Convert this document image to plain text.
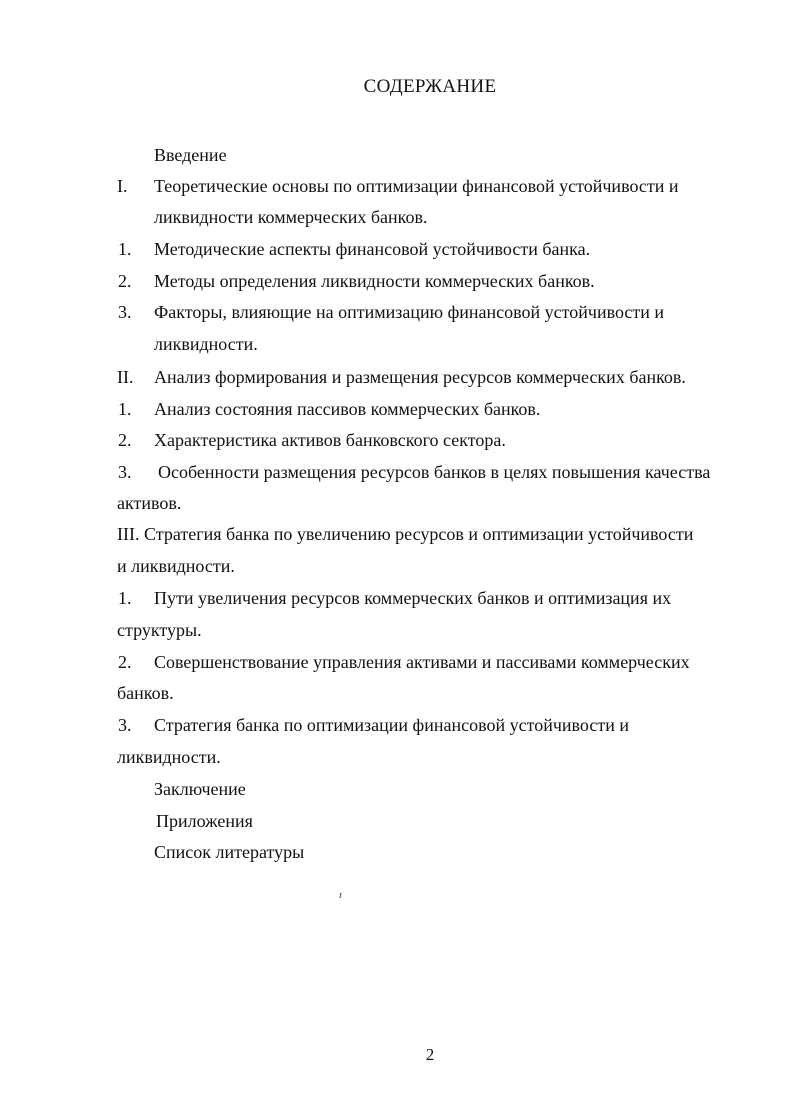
СОДЕРЖАНИЕ
Введение
I. Теоретические основы по оптимизации финансовой устойчивости и
ликвидности коммерческих банков.
1. Методические аспекты финансовой устойчивости банка.
2. Методы определения ликвидности коммерческих банков.
3. Факторы, влияющие на оптимизацию финансовой устойчивости и
ликвидности.
II. Анализ формирования и размещения ресурсов коммерческих банков.
1. Анализ состояния пассивов коммерческих банков.
2. Характеристика активов банковского сектора.
3. Особенности размещения ресурсов банков в целях повышения качества
активов.
III. Стратегия банка по увеличению ресурсов и оптимизации устойчивости
и ликвидности.
1. Пути увеличения ресурсов коммерческих банков и оптимизация их
структуры.
2. Совершенствование управления активами и пассивами коммерческих
банков.
3. Стратегия банка по оптимизации финансовой устойчивости и
ликвидности.
Заключение
Приложения
Список литературы
ᴊ
2
